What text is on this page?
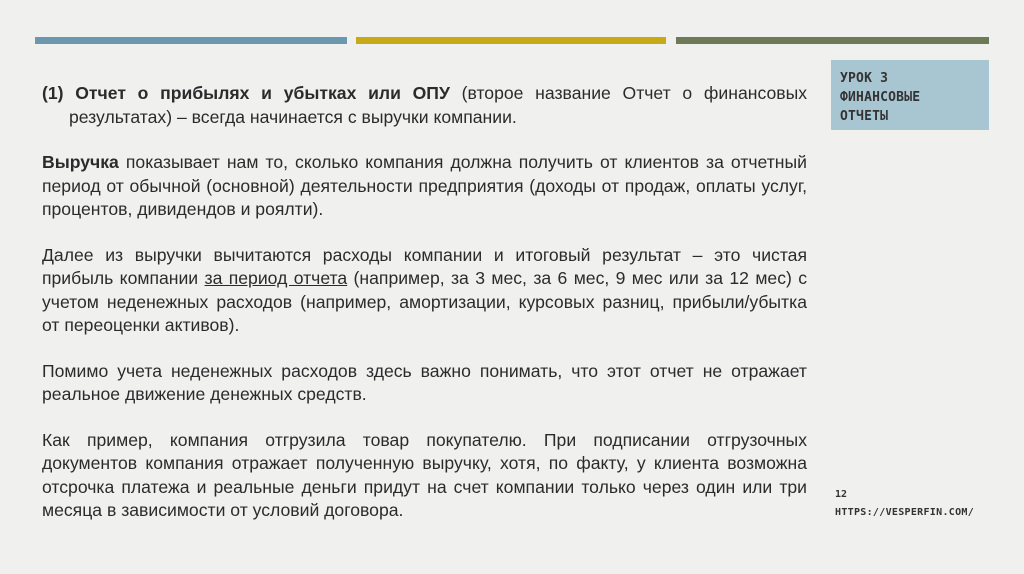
УРОК 3
ФИНАНСОВЫЕ
ОТЧЕТЫ
(1) Отчет о прибылях и убытках или ОПУ (второе название Отчет о финансовых результатах) – всегда начинается с выручки компании.
Выручка показывает нам то, сколько компания должна получить от клиентов за отчетный период от обычной (основной) деятельности предприятия (доходы от продаж, оплаты услуг, процентов, дивидендов и роялти).
Далее из выручки вычитаются расходы компании и итоговый результат – это чистая прибыль компании за период отчета (например, за 3 мес, за 6 мес, 9 мес или за 12 мес) с учетом неденежных расходов (например, амортизации, курсовых разниц, прибыли/убытка от переоценки активов).
Помимо учета неденежных расходов здесь важно понимать, что этот отчет не отражает реальное движение денежных средств.
Как пример, компания отгрузила товар покупателю. При подписании отгрузочных документов компания отражает полученную выручку, хотя, по факту, у клиента возможна отсрочка платежа и реальные деньги придут на счет компании только через один или три месяца в зависимости от условий договора.
12
HTTPS://VESPERFIN.COM/
